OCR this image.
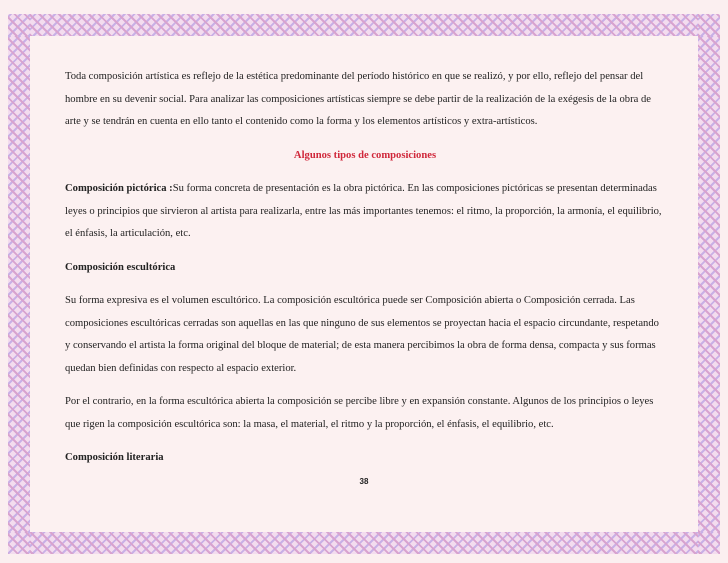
Toda composición artística es reflejo de la estética predominante del período histórico en que se realizó, y por ello, reflejo del pensar del hombre en su devenir social. Para analizar las composiciones artísticas siempre se debe partir de la realización de la exégesis de la obra de arte y se tendrán en cuenta en ello tanto el contenido como la forma y los elementos artísticos y extra-artísticos.

Algunos tipos de composiciones

Composición pictórica :Su forma concreta de presentación es la obra pictórica. En las composiciones pictóricas se presentan determinadas leyes o principios que sirvieron al artista para realizarla, entre las más importantes tenemos: el ritmo, la proporción, la armonía, el equilibrio, el énfasis, la articulación, etc.

Composición escultórica

Su forma expresiva es el volumen escultórico. La composición escultórica puede ser Composición abierta o Composición cerrada. Las composiciones escultóricas cerradas son aquellas en las que ninguno de sus elementos se proyectan hacia el espacio circundante, respetando y conservando el artista la forma original del bloque de material; de esta manera percibimos la obra de forma densa, compacta y sus formas quedan bien definidas con respecto al espacio exterior.

Por el contrario, en la forma escultórica abierta la composición se percibe libre y en expansión constante. Algunos de los principios o leyes que rigen la composición escultórica son: la masa, el material, el ritmo y la proporción, el énfasis, el equilibrio, etc.

Composición literaria

38
